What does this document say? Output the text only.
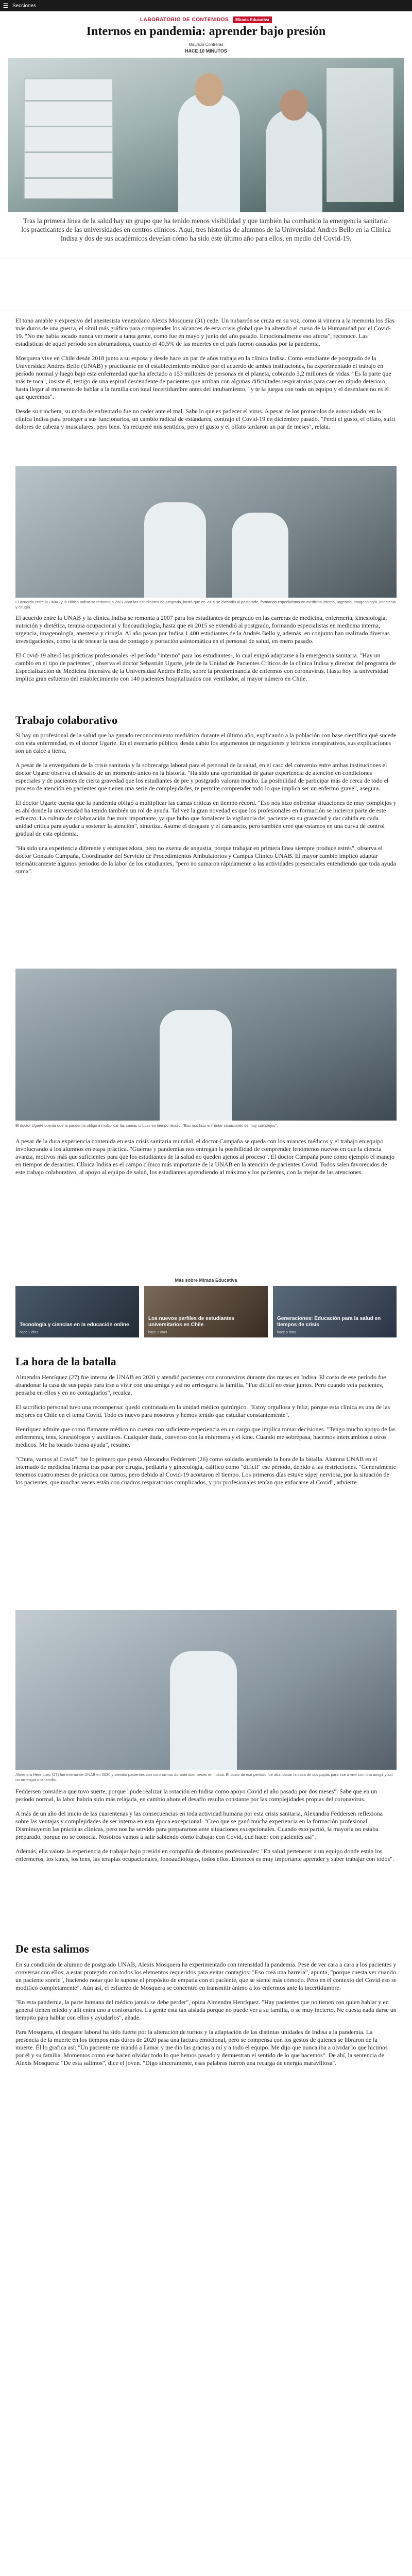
☰ Secciones
LABORATORIO DE CONTENIDOS	Mirada Educativa
Internos en pandemia: aprender bajo presión
Mauricio Contreras
HACE 10 MINUTOS
Tras la primera línea de la salud hay un grupo que ha tenido menos visibilidad y que también ha combatido la emergencia sanitaria: los practicantes de las universidades en centros clínicos. Aquí, tres historias de alumnos de la Universidad Andrés Bello en la Clínica Indisa y dos de sus académicos develan cómo ha sido este último año para ellos, en medio del Covid-19.

El tono amable y expresivo del anestesista venezolano Alexis Mosquera (31) cede. Un nubarrón se cruza en su voz, como si viniera a la memoria los días más duros de una guerra, el símil más gráfico para comprender los alcances de esta crisis global que ha alterado el curso de la Humanidad por el Covid-19. "No me había tocado nunca ver morir a tanta gente, como fue en mayo y junio del año pasado. Emocionalmente eso afecta", reconoce. Las estadísticas de aquel período son abrumadoras, cuando el 40,5% de las muertes en el país fueron causadas por la pandemia.

Mosquera vive en Chile desde 2018 junto a su esposa y desde hace un par de años trabaja en la clínica Indisa. Como estudiante de postgrado de la Universidad Andrés Bello (UNAB) y practicante en el establecimiento médico por el acuerdo de ambas instituciones, ha experimentado el trabajo en período normal y luego bajo esta enfermedad que ha afectado a 153 millones de personas en el planeta, cobrando 3,2 millones de vidas. "Es la parte que más te toca", insiste él, testigo de una espiral descendente de pacientes que arriban con algunas dificultades respiratorias para caer en rápido deterioro, hasta llegar al momento de hablar a la familia con total incertidumbre antes del intubamiento, "y te la juegas con todo un equipo y el desenlace no es el que queremos".

Desde su trinchera, su modo de enfrentarlo fue no ceder ante el mal. Sabe lo que es padecer el virus. A pesar de los protocolos de autocuidado, en la clínica Indisa para proteger a sus funcionarios, un cambio radical de estándares, contrajo el Covid-19 en diciembre pasado. "Perdí el gusto, el olfato, sufrí dolores de cabeza y musculares, pero bien. Ya recuperé mis sentidos, pero el gusto y el olfato tardaron un par de meses", relata.

El acuerdo entre la UNAB y la clínica Indisa se remonta a 2007 para los estudiantes de pregrado, hasta que en 2015 se extendió al postgrado, formando especialistas en medicina interna, urgencia, imagenología, anestesia y cirugía.

El acuerdo entre la UNAB y la clínica Indisa se remonta a 2007 para los estudiantes de pregrado en las carreras de medicina, enfermería, kinesiología, nutrición y dietética, terapia ocupacional y fonoaudiología, hasta que en 2015 se extendió al postgrado, formando especialistas en medicina interna, urgencia, imagenología, anestesia y cirugía. Al año pasan por Indisa 1.400 estudiantes de la Andrés Bello y, además, en conjunto han realizado diversas investigaciones, como la de testear la tasa de contagio y portación asintomática en el personal de salud, en enero pasado.

El Covid-19 alteró las prácticas profesionales -el período "interno" para los estudiantes-, lo cual exigió adaptarse a la emergencia sanitaria. "Hay un cambio en el tipo de pacientes", observa el doctor Sebastián Ugarte, jefe de la Unidad de Pacientes Críticos de la clínica Indisa y director del programa de Especialización de Medicina Intensiva de la Universidad Andrés Bello, sobre la predominancia de enfermos con coronavirus. Hasta hoy la universidad implica gran esfuerzo del establecimiento con 140 pacientes hospitalizados con ventilador, al mayor número en Chile.

Trabajo colaborativo

Si hay un profesional de la salud que ha ganado reconocimiento mediático durante el último año, explicando a la población con base científica qué sucede con esta enfermedad, es el doctor Ugarte. En el escenario público, desde cabio los argumentos de negaciones y teóricos conspirativos, sus explicaciones son un calce a tierra.

A pesar de la envergadura de la crisis sanitaria y la sobrecarga laboral para el personal de la salud, en el caso del convenio entre ambas instituciones el doctor Ugarte observa el desafío de un momento único en la historia. "Ha sido una oportunidad de ganar experiencia de atención en condiciones especiales y de pacientes de cierta gravedad que los estudiantes de pre y postgrado valoran mucho. La posibilidad de participar más de cerca de todo el proceso de atención en pacientes que tienen una serie de complejidades, te permite comprender todo lo que implica ser un enfermo grave", asegura.

El doctor Ugarte cuenta que la pandemia obligó a multiplicar las camas críticas en tiempo récord. "Eso nos hizo enfrentar situaciones de muy complejos y es ahí donde la universidad ha tenido también un rol de ayuda. Tal vez la gran novedad es que los profesionales en formación se hicieron parte de este esfuerzo. La cultura de colaboración fue muy importante, ya que hubo que fortalecer la vigilancia del paciente en su gravedad y dar cabida en cada unidad crítica para ayudar a sostener la atención", sintetiza. Asume el desgaste y el cansancio, pero también cree que estamos en una curva de control gradual de esta epidemia.

"Ha sido una experiencia diferente y enriquecedora, pero no exenta de angustia, porque trabajar en primera línea siempre produce estrés", observa el doctor Gonzalo Campaña, Coordinador del Servicio de Procedimientos Ambulatorios y Campus Clínico UNAB. El mayor cambio implicó adaptar telemáticamente algunos periodos de la labor de los estudiantes, "pero no sumaron rápidamente a las actividades presenciales entendiendo que toda ayuda suma".

El doctor Ugarte cuenta que la pandemia obligó a multiplicar las camas críticas en tiempo récord. "Eso nos hizo enfrentar situaciones de muy complejos".

A pesar de la dura experiencia contenida en esta crisis sanitaria mundial, el doctor Campaña se queda con los avances médicos y el trabajo en equipo involucrando a los alumnos en etapa práctica. "Guerras y pandemias nos entregan la posibilidad de comprender fenómenos nuevos en que la ciencia avanza, motivos más que suficientes para que los estudiantes de la salud no queden ajenos al proceso". El doctor Campaña pone como ejemplo el manejo en tiempos de desastres. Clínica Indisa es el campo clínico más importante de la UNAB en la atención de pacientes Covid. Todos salen favorecidos de este trabajo colaborativo, al apoyo al equipo de salud, los estudiantes aprendiendo al máximo y los pacientes, con la mejor de las atenciones.

Más sobre Mirada Educativa
Tecnología y ciencias en la educación online
hace 2 días
Los nuevos perfiles de estudiantes universitarios en Chile
hace 3 días
Generaciones: Educación para la salud en tiempos de crisis
hace 5 días
La hora de la batalla

Almendra Henríquez (27) fue interna de UNAB en 2020 y atendió pacientes con coronavirus durante dos meses en Indisa. El costo de ese período fue abandonar la casa de sus papás para irse a vivir con una amiga y así no arriesgar a la familia. "Fue difícil no estar juntos. Pero cuando veía pacientes, pensaba en ellos y en no contagiarlos", recalca.

El sacrificio personal tuvo una recompensa: quedó contratada en la unidad médico quirúrgico. "Estoy orgullosa y feliz, porque esta clínica es una de las mejores en Chile en el tema Covid. Todo es nuevo para nosotros y hemos tenido que estudiar constantemente".

Henríquez admite que como flamante médico no cuenta con suficiente experiencia en un cargo que implica tomar decisiones. "Tengo mucho apoyo de las enfermeras, tens, kinesiólogos y auxiliares. Cualquier duda, converso con la enfermera y el kine. Cuando me sobrepasa, hacemos intercambios a otros médicos. Me ha tocado buena ayuda", resume.

"Chuta, vamos al Covid", fue lo primero que pensó Alexandra Feddersen (26) como soldado asumiendo la hora de la batalla. Alumna UNAB en el internado de medicina interna tras pasar por cirugía, pediatría y ginecología, calificó como "difícil" ese período, debido a las restricciones. "Generalmente tenemos cuatro meses de práctica con turnos, pero debido al Covid-19 acortaron el tiempo. Los primeros días estuve súper nerviosa, por la situación de los pacientes, que muchas veces están con cuadros respiratorios complicados, y por profesionales tenían que enfocarse al Covid", advierte.

Almendra Henríquez (27) fue interna de UNAB en 2020 y atendió pacientes con coronavirus durante dos meses en Indisa. El costo de ese período fue abandonar la casa de sus papás para irse a vivir con una amiga y así no arriesgar a la familia.

Feddersen considera que tuvo suerte, porque "pude realizar la rotación en Indisa como apoyo Covid el año pasado por dos meses". Sabe que en un período normal, la labor habría sido más relajada, en cambio ahora el desafío resulta constante por las complejidades propias del coronavirus.

A más de un año del inicio de las cuarentenas y las consecuencias en toda actividad humana por esta crisis sanitaria, Alexandra Feddersen reflexiona sobre las ventajas y complejidades de ser interna en esta época excepcional. "Creo que se ganó mucha experiencia en la formación profesional. Disminuyeron las prácticas clínicas, pero nos ha servido para prepararnos ante situaciones excepcionales. Cuando esto partió, la mayoría no estaba preparado, porque no se conocía. Nosotros vamos a salir sabiendo cómo trabajar con Covid, qué hacer con pacientes así".

Además, ella valora la experiencia de trabajar bajo presión en compañía de distintos profesionales: "En salud pertenecer a un equipo donde están los enfermeros, los kines, los tens, las terapias ocupacionales, fonoaudiólogos, todos ellos. Entonces es muy importante aprender y saber trabajar con todos".

De esta salimos

En su condición de alumno de postgrado UNAB, Alexis Mosquera ha experimentado con intensidad la pandemia. Pese de ver cara a cara a los pacientes y conversar con ellos, a estar protegido con todos los elementos requeridos para evitar contagios: "Eso crea una barrera", apunta, "porque cuesta ver cuando un paciente sonríe", haciendo notar que le supone el propósito de empatía con el paciente, que se siente más cómodo. Pero en el contexto del Covid eso se modificó completamente". Aún así, el esfuerzo de Mosquera se concentró en transmitir ánimo a los enfermos ante la incertidumbre.

"En esta pandemia, la parte humana del médico jamás se debe perder", opina Almendra Henríquez. "Hay pacientes que no tienen con quien hablar y en general tienen miedo y allí entra uno a confortarlos. La gente está tan aislada porque no puede ver a su familia, o se muy incierto. Ne cuesta nada darse un tiempito para hablar con ellos y ayudarlos", añade.

Para Mosquera, el desgaste laboral ha sido fuerte por la alteración de turnos y la adaptación de las distintas unidades de Indisa a la pandemia. La presencia de la muerte en los tiempos más duros de 2020 pasa una factura emocional, pero se compensa con los gestos de quienes se libraron de la muerte. Él lo grafica así: "Un paciente me mandó a llamar y me dio las gracias a mí y a todo el equipo. Me dijo que nunca iba a olvidar lo que hicimos por él y su familia. Momentos como ese hacen olvidar todo lo que hemos pasado y demuestran el sentido de lo que hacemos". De ahí, la sentencia de Alexis Mosquera: "De esta salimos", dice el joven. "Digo sinceramente, esas palabras fueron una recarga de energía maravillosa".
